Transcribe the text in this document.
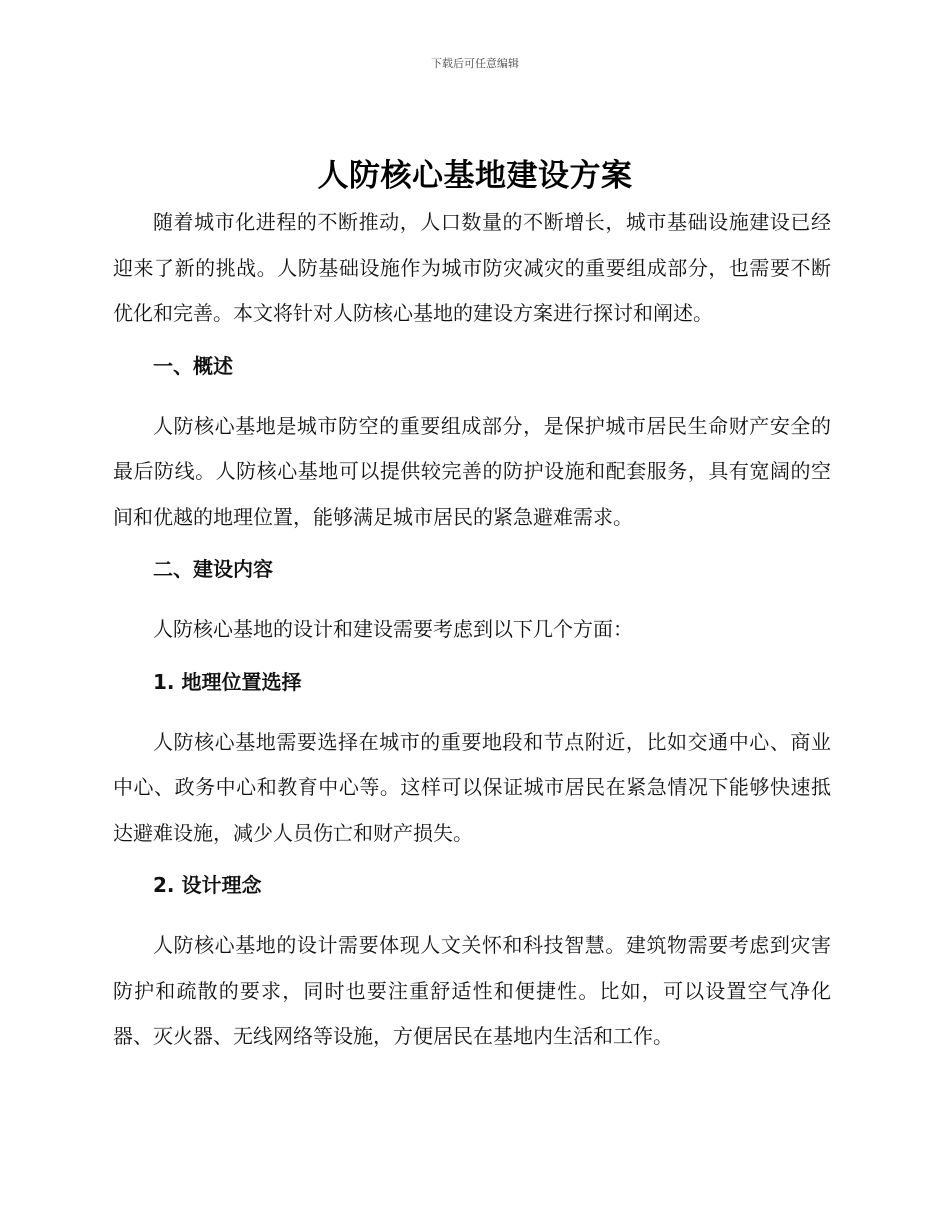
下载后可任意编辑
人防核心基地建设方案

随着城市化进程的不断推动，人口数量的不断增长，城市基础设施建设已经迎来了新的挑战。人防基础设施作为城市防灾减灾的重要组成部分，也需要不断优化和完善。本文将针对人防核心基地的建设方案进行探讨和阐述。

一、概述

人防核心基地是城市防空的重要组成部分，是保护城市居民生命财产安全的最后防线。人防核心基地可以提供较完善的防护设施和配套服务，具有宽阔的空间和优越的地理位置，能够满足城市居民的紧急避难需求。

二、建设内容

人防核心基地的设计和建设需要考虑到以下几个方面：

1. 地理位置选择

人防核心基地需要选择在城市的重要地段和节点附近，比如交通中心、商业中心、政务中心和教育中心等。这样可以保证城市居民在紧急情况下能够快速抵达避难设施，减少人员伤亡和财产损失。

2. 设计理念

人防核心基地的设计需要体现人文关怀和科技智慧。建筑物需要考虑到灾害防护和疏散的要求，同时也要注重舒适性和便捷性。比如，可以设置空气净化器、灭火器、无线网络等设施，方便居民在基地内生活和工作。
